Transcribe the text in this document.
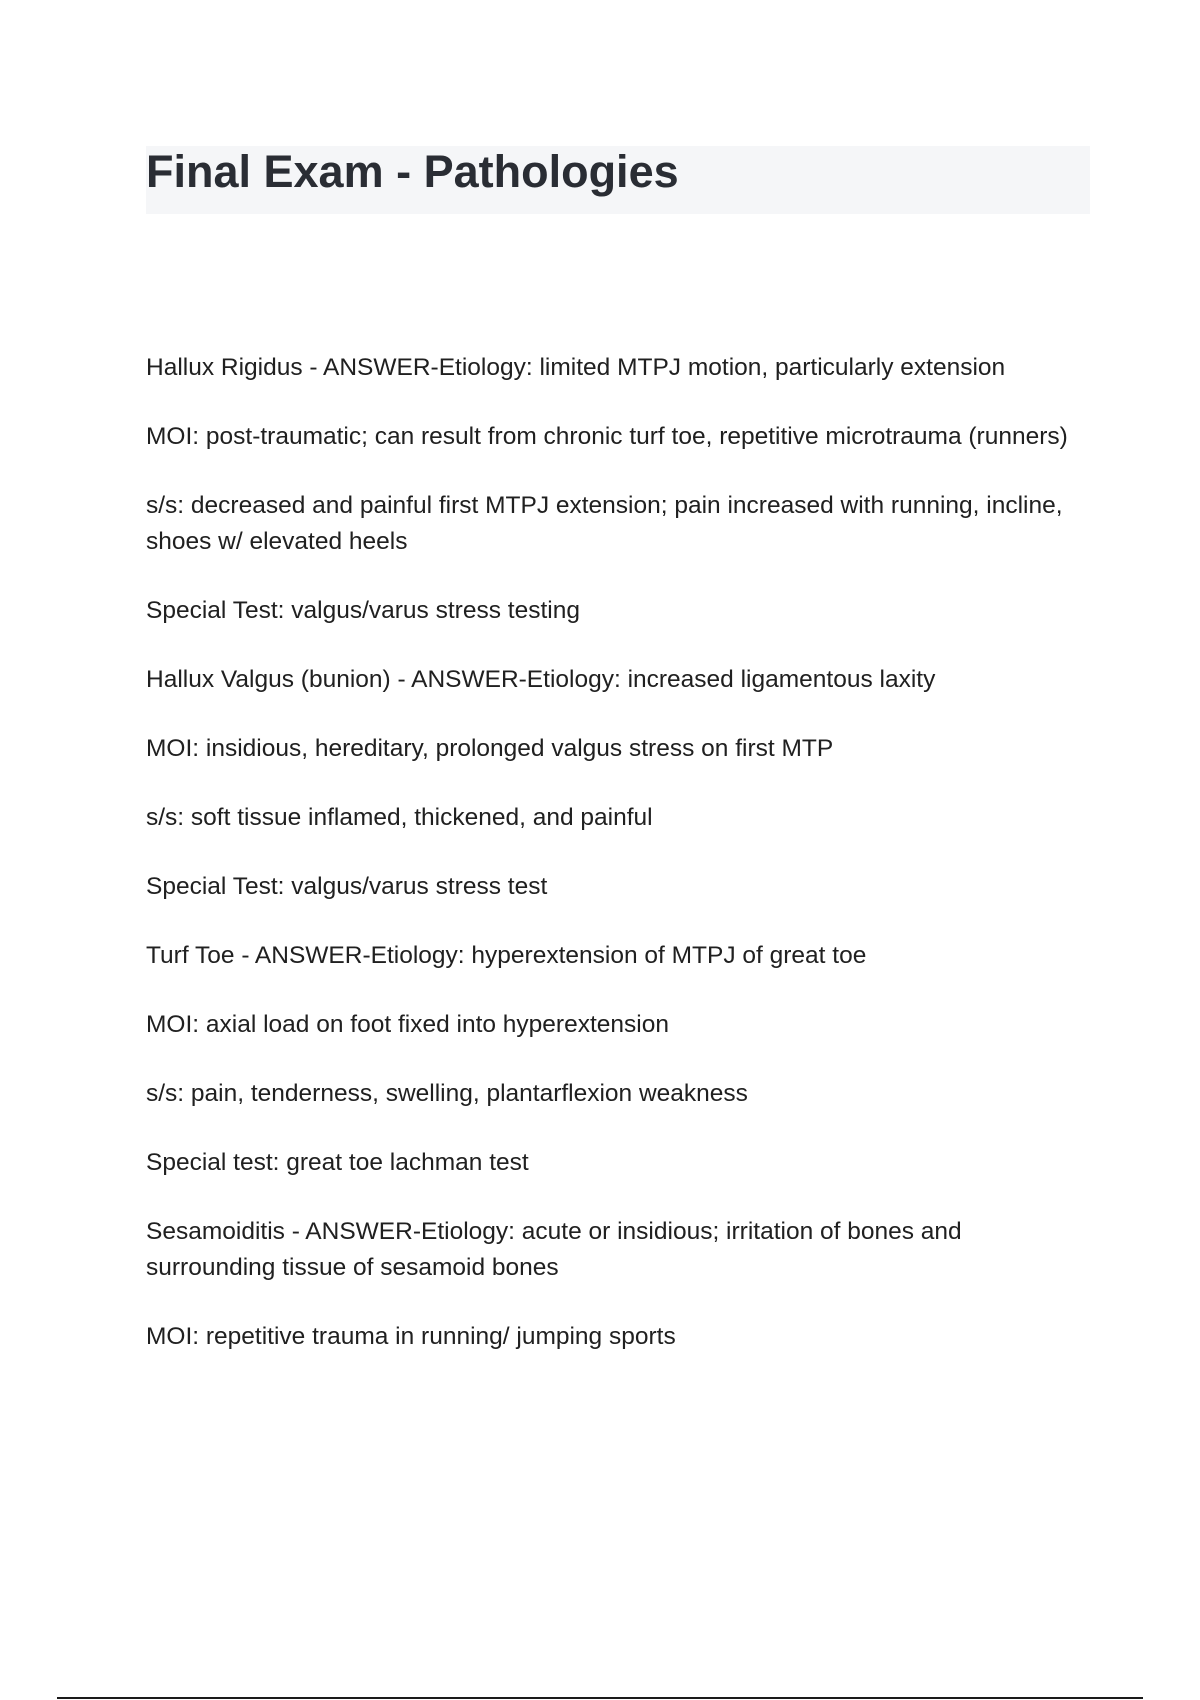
Final Exam - Pathologies

Hallux Rigidus - ANSWER-Etiology: limited MTPJ motion, particularly extension

MOI: post-traumatic; can result from chronic turf toe, repetitive microtrauma (runners)

s/s: decreased and painful first MTPJ extension; pain increased with running, incline, shoes w/ elevated heels

Special Test: valgus/varus stress testing

Hallux Valgus (bunion) - ANSWER-Etiology: increased ligamentous laxity

MOI: insidious, hereditary, prolonged valgus stress on first MTP

s/s: soft tissue inflamed, thickened, and painful

Special Test: valgus/varus stress test

Turf Toe - ANSWER-Etiology: hyperextension of MTPJ of great toe

MOI: axial load on foot fixed into hyperextension

s/s: pain, tenderness, swelling, plantarflexion weakness

Special test: great toe lachman test

Sesamoiditis - ANSWER-Etiology: acute or insidious; irritation of bones and surrounding tissue of sesamoid bones

MOI: repetitive trauma in running/ jumping sports
